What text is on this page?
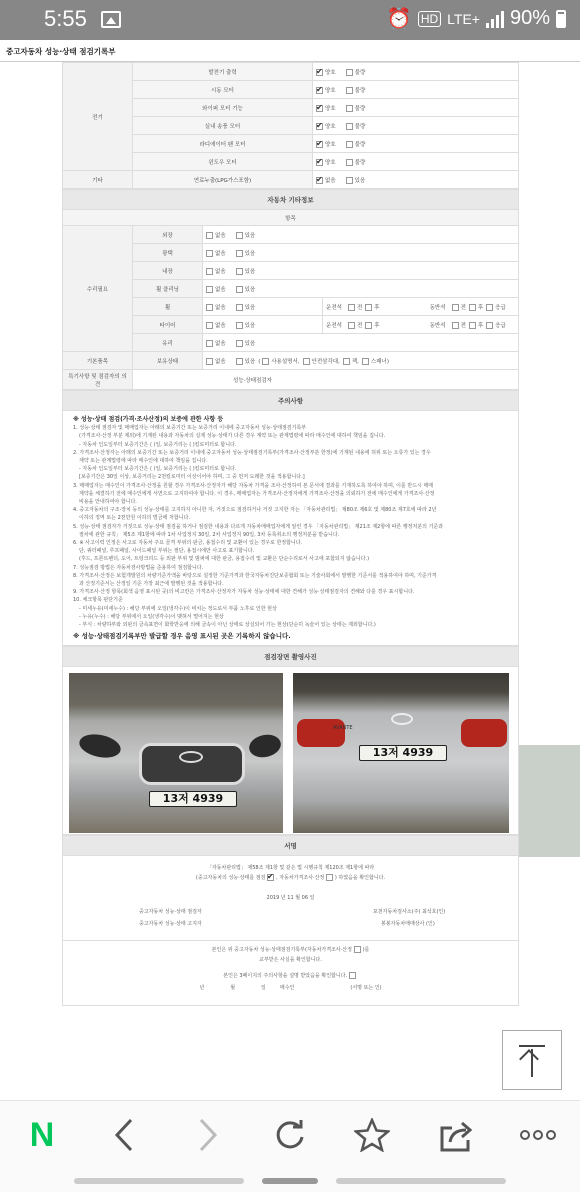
5:55	⏰ HD LTE+ 90%
중고자동차 성능·상태 점검기록부
전기	발전기 출력	✔양호 불량
	시동 모터	✔양호 불량
	와이퍼 모터 기능	✔양호 불량
	실내 송풍 모터	✔양호 불량
	라디에이터 팬 모터	✔양호 불량
	윈도우 모터	✔양호 불량
기타	연료누출(LPG가스포함)	✔없음 있음
자동차 기타정보			
항목			
수리필요	외장	없음 있음	
	광택	없음 있음	
	내장	없음 있음	
	휠 클리닝	없음 있음	
	휠	없음 있음	운전석 전 후 동반석 전 후 응급
	타이어	없음 있음	운전석 전 후 동반석 전 후 응급
	유리	없음 있음	
기본품목	보유상태	없음 있음 ( 사용설명서, 안전삼각대, 잭, 스패너)	
특기사항 및 점검자의 의견	성능·상태점검자		
주의사항
※ 성능·상태 점검(가격·조사산정)의 보증에 관한 사항 등

1. 성능·상태 점검자 및 매매업자는 아래의 보증기간 또는 보증거리 이내에 중고자동차 성능·상태점검기록부

(가격조사·산정 부분 제외)에 기재된 내용과 자동차의 실제 성능·상태가 다른 경우 계약 또는 관계법령에 따라 매수인에 대하여 책임을 집니다.

- 자동차 인도일부터 보증기간은 ( )일, 보증거리는 ( )킬로미터로 합니다.

2. 가격조사·산정자는 아래의 보증기간 또는 보증거리 이내에 중고자동차 성능·상태점검기록부(가격조사·산정부분 한정)에 기재된 내용에 허위 또는 오류가 있는 경우

계약 또는 관계법령에 따라 매수인에 대하여 책임을 집니다.

- 자동차 인도일부터 보증기간은 ( )일, 보증거리는 ( )킬로미터로 합니다.

[보증기간은 30일 이상, 보증거리는 2천킬로미터 이상이어야 하며, 그 중 먼저 도래한 것을 적용합니다.]

3. 매매업자는 매수인이 가격조사·산정을 원할 경우 가격조사·산정자가 해당 자동차 가격을 조사·산정하여 본 문서에 결과를 기재하도록 하여야 하며, 이를 반드시 매매

계약을 체결하기 전에 매수인에게 서면으로 고지하여야 합니다. 이 경우, 매매업자는 가격조사·산정자에게 가격조사·산정을 의뢰하기 전에 매수인에게 가격조사·산정

비용을 안내하여야 합니다.

4. 중고자동차의 구조·장치 등의 성능·상태를 고지하지 아니한 자, 거짓으로 점검하거나 거짓 고지한 자는 「자동차관리법」 제80조 제6호 및 제80조 제7호에 따라 2년

이하의 징역 또는 2천만원 이하의 벌금에 처합니다.

5. 성능·상태 점검자가 거짓으로 성능·상태 점검을 하거나 점검한 내용과 다르게 자동차매매업자에게 알린 경우 「자동차관리법」 제21조 제2항에 따른 행정처분의 기준과

절차에 관한 규칙」 제5조 제1항에 따라 1차 사업정지 30일, 2차 사업정지 90일, 3차 등록취소의 행정처분을 받습니다.

6. ※ 사고이력 인정은 사고로 자동차 주요 골격 부위의 판금, 용접수리 및 교환이 있는 경우로 한정합니다.

단, 쿼터패널, 루프패널, 사이드패널 부위는 절단, 용접시에만 사고로 표기합니다.

(후드, 프론트펜더, 도어, 트렁크리드 등 외판 부위 및 범퍼에 대한 판금, 용접수리 및 교환은 단순수리로서 사고에 포함되지 않습니다.)

7. 성능점검 방법은 자동차검사방법을 준용하여 점검합니다.

8. 가격조사·산정은 보험개발원의 차량기준가액을 바탕으로 설정한 기준가격과 한국자동차진단보증협회 또는 기술사회에서 발행한 기준서를 적용하여야 하며, 기준가격

과 산정기준서는 산정일 기준 가장 최근에 발행된 것을 적용합니다.

9. 가격조사·산정 항목(회색 음영 표시된 곳)의 비고란은 가격조사·산정자가 자동차 성능·상태에 대한 견해가 성능·상태점검자의 견해와 다를 경우 표시합니다.

10. 체크항목 판단기준

- 미세누유(미세누수) : 해당 부위에 오일(냉각수)이 비치는 정도로서 부품 노후로 인한 현상

- 누유(누수) : 해당 부위에서 오일(냉각수)이 맺혀서 떨어지는 현상

- 부식 : 차량하부와 외판의 금속표면이 화학반응에 의해 금속이 아닌 상태로 상실되어 가는 현상(단순히 녹슬어 있는 상태는 제외합니다.)

※ 성능·상태점검기록부만 발급할 경우 음영 표시된 곳은 기록하지 않습니다.
점검장면 촬영사진
13저 4939
AVANTE
13저 4939
서명
「자동차관리법」 제58조 제1항 및 같은 법 시행규칙 제120조 제1항에 따라
(중고자동차의 성능·상태를 점검 ✔ , 자동차가격조사·산정 ) 하였음을 확인합니다.
2019 년 11 월 06 일
중고자동차 성능·상태 점검자	포천자동차검사소(주) 최석호(인)
중고자동차 성능·상태 고지자	봉봉자동차매매상사 (인)
본인은 위 중고자동차 성능·상태점검기록부(자동차가격조사·산정 )를
교부받은 사실을 확인합니다.
본인은 3페이지의 주의사항을 설명 받았음을 확인합니다.
년	월	일	매수인	(서명 또는 인)
N
